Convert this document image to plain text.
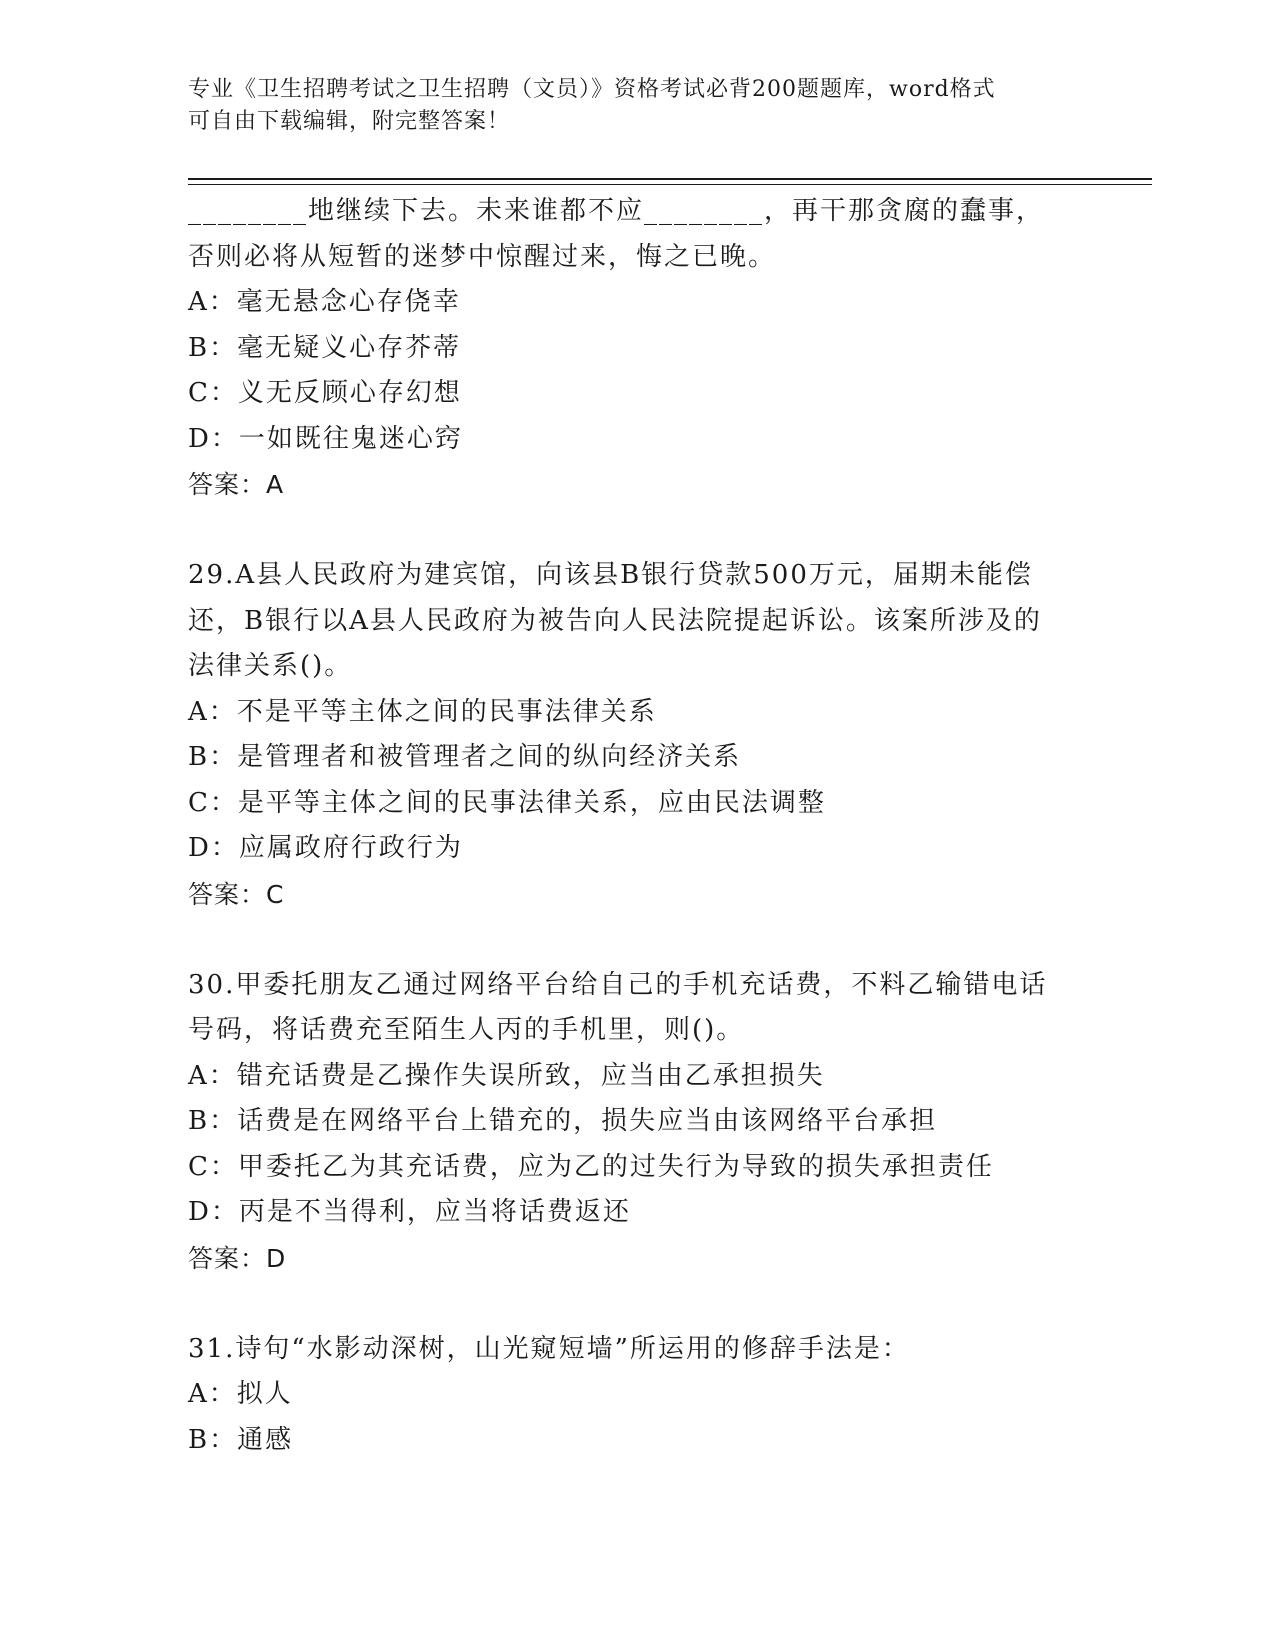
专业《卫生招聘考试之卫生招聘（文员）》资格考试必背200题题库，word格式
可自由下载编辑，附完整答案！
________地继续下去。未来谁都不应________，再干那贪腐的蠢事，
否则必将从短暂的迷梦中惊醒过来，悔之已晚。
A：毫无悬念心存侥幸
B：毫无疑义心存芥蒂
C：义无反顾心存幻想
D：一如既往鬼迷心窍
答案：A
29.A县人民政府为建宾馆，向该县B银行贷款500万元，届期未能偿
还，B银行以A县人民政府为被告向人民法院提起诉讼。该案所涉及的
法律关系()。
A：不是平等主体之间的民事法律关系
B：是管理者和被管理者之间的纵向经济关系
C：是平等主体之间的民事法律关系，应由民法调整
D：应属政府行政行为
答案：C
30.甲委托朋友乙通过网络平台给自己的手机充话费，不料乙输错电话
号码，将话费充至陌生人丙的手机里，则()。
A：错充话费是乙操作失误所致，应当由乙承担损失
B：话费是在网络平台上错充的，损失应当由该网络平台承担
C：甲委托乙为其充话费，应为乙的过失行为导致的损失承担责任
D：丙是不当得利，应当将话费返还
答案：D
31.诗句“水影动深树，山光窥短墙”所运用的修辞手法是：
A：拟人
B：通感
